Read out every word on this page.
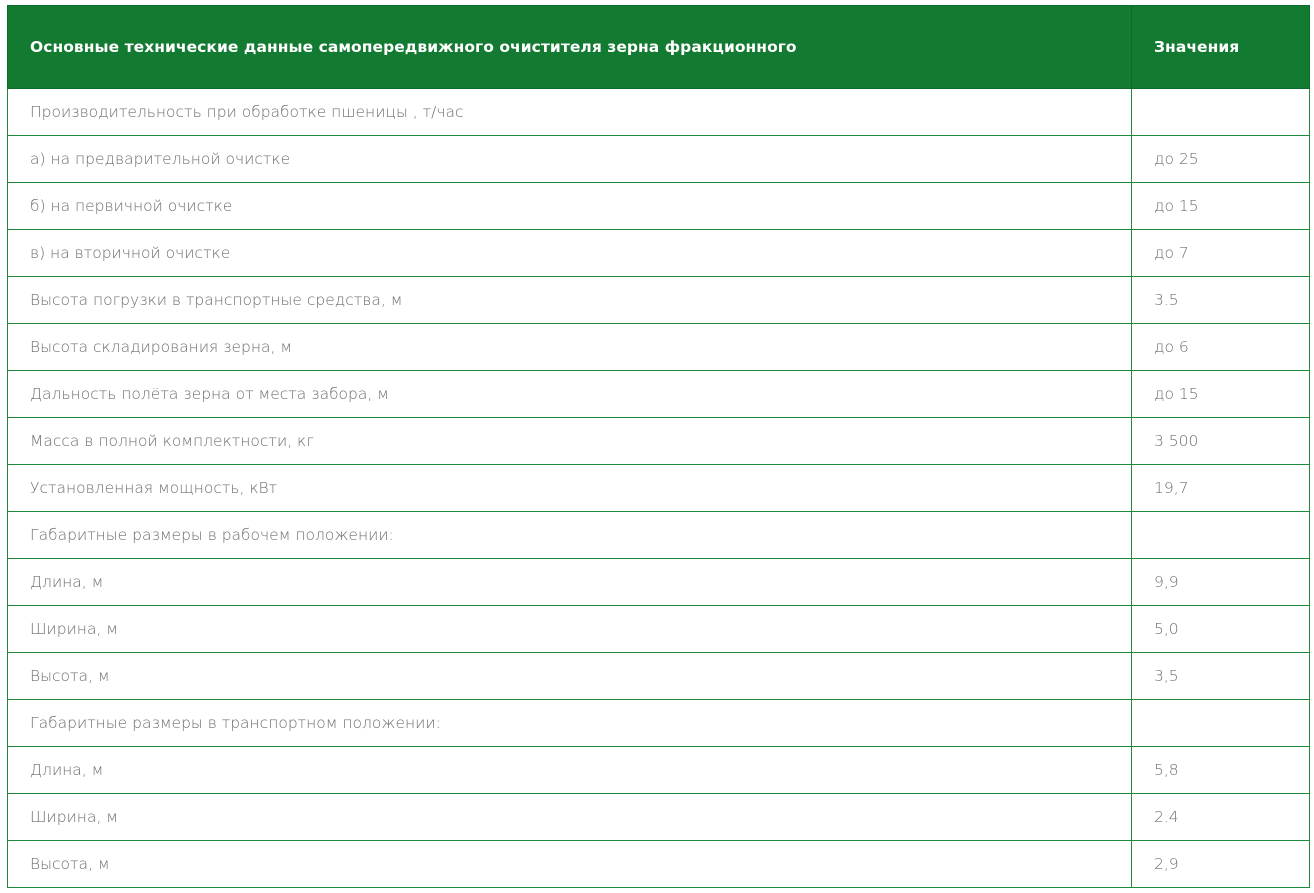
Основные технические данные самопередвижного очистителя зерна фракционного	Значения
Производительность при обработке пшеницы , т/час	
а) на предварительной очистке	до 25
б) на первичной очистке	до 15
в) на вторичной очистке	до 7
Высота погрузки в транспортные средства, м	3.5
Высота складирования зерна, м	до 6
Дальность полёта зерна от места забора, м	до 15
Масса в полной комплектности, кг	3 500
Установленная мощность, кВт	19,7
Габаритные размеры в рабочем положении:	
Длина, м	9,9
Ширина, м	5,0
Высота, м	3,5
Габаритные размеры в транспортном положении:	
Длина, м	5,8
Ширина, м	2.4
Высота, м	2,9
